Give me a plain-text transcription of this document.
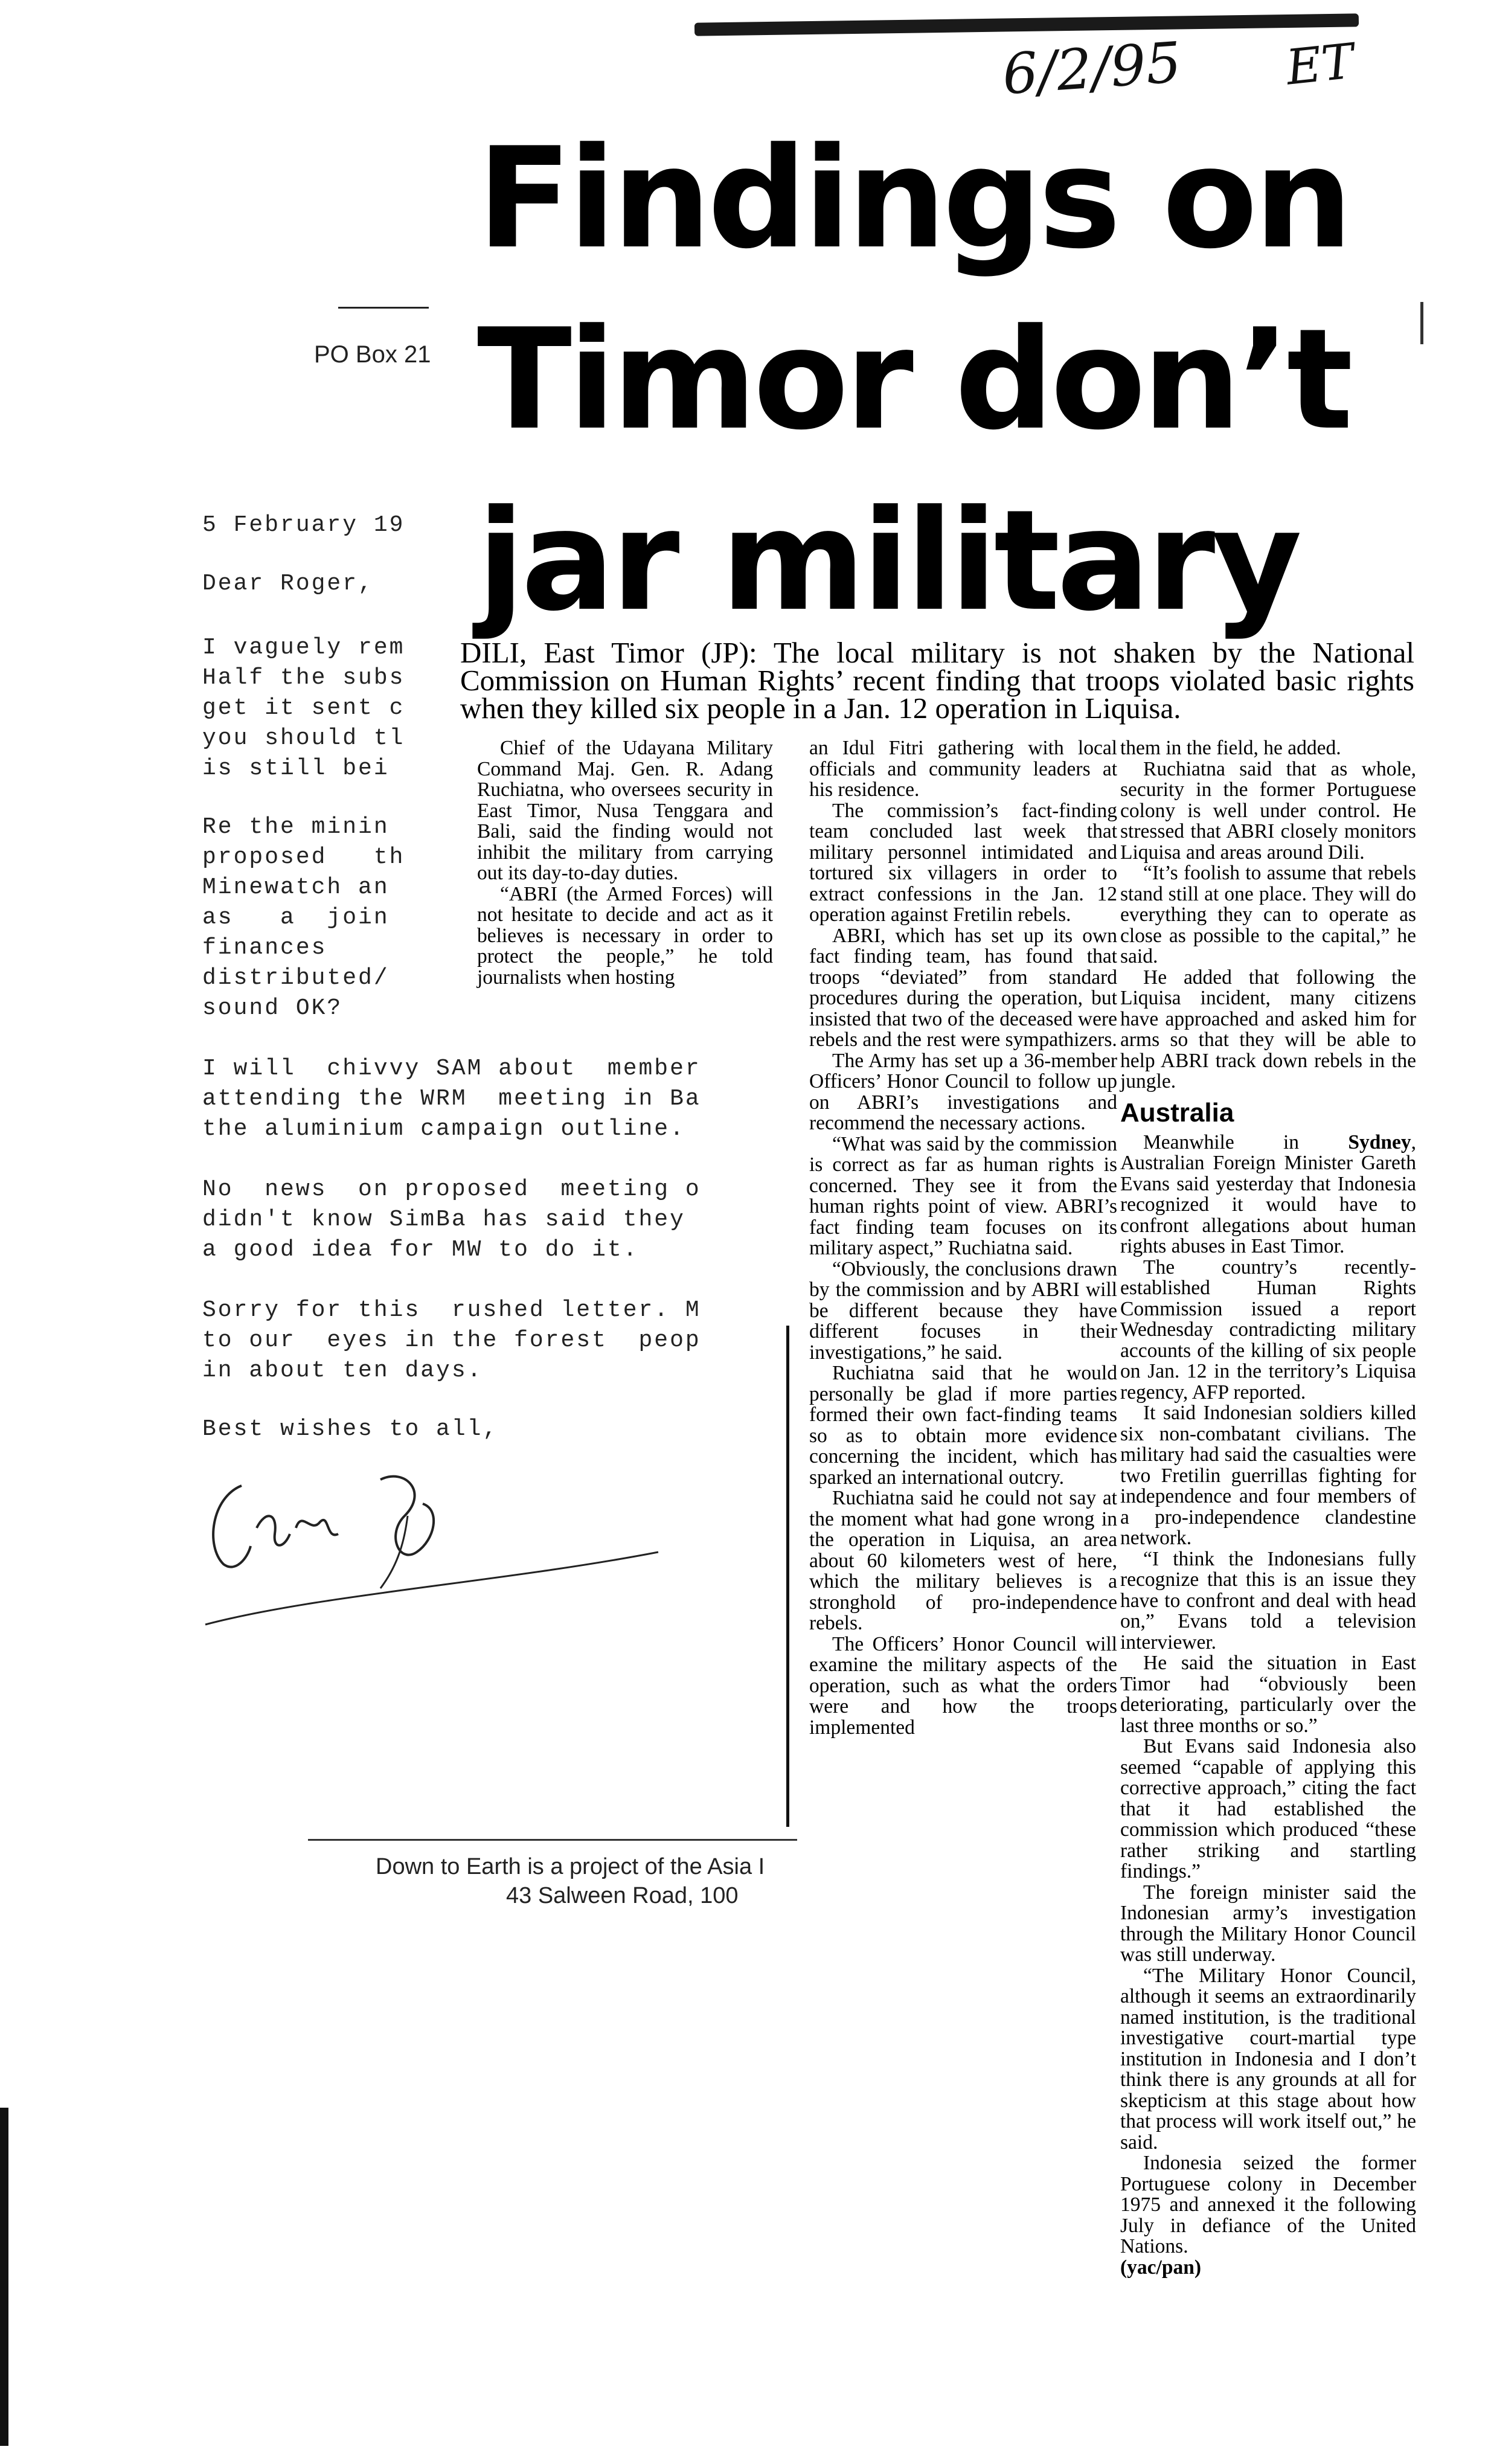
6/2/95 ET
PO Box 21
5 February 19
Dear Roger,
I vaguely rem
Half the subs
get it sent c
you should tl
is still bei
Re the minin
proposed   th
Minewatch an
as   a  join
finances
distributed/
sound OK?
I will  chivvy SAM about  member
attending the WRM  meeting in Ba
the aluminium campaign outline.
No  news  on proposed  meeting o
didn't know SimBa has said they
a good idea for MW to do it.
Sorry for this  rushed letter. M
to our  eyes in the forest  peop
in about ten days.
Best wishes to all,
Down to Earth is a project of the Asia I
43 Salween Road, 100
Findings on
Timor don’t
jar military
DILI, East Timor (JP): The local military is not shaken by the National Commission on Human Rights’ recent finding that troops violated basic rights when they killed six people in a Jan. 12 operation in Liquisa.

Chief of the Udayana Military Command Maj. Gen. R. Adang Ruchiatna, who oversees security in East Timor, Nusa Tenggara and Bali, said the finding would not inhibit the military from carrying out its day-to-day duties.

“ABRI (the Armed Forces) will not hesitate to decide and act as it believes is necessary in order to protect the people,” he told journalists when hosting

an Idul Fitri gathering with local officials and community leaders at his residence.

The commission’s fact-finding team concluded last week that military personnel intimidated and tortured six villagers in order to extract confessions in the Jan. 12 operation against Fretilin rebels.

ABRI, which has set up its own fact finding team, has found that troops “deviated” from standard procedures during the operation, but insisted that two of the deceased were rebels and the rest were sympathizers.

The Army has set up a 36-member Officers’ Honor Council to follow up on ABRI’s investigations and recommend the necessary actions.

“What was said by the commission is correct as far as human rights is concerned. They see it from the human rights point of view. ABRI’s fact finding team focuses on its military aspect,” Ruchiatna said.

“Obviously, the conclusions drawn by the commission and by ABRI will be different because they have different focuses in their investigations,” he said.

Ruchiatna said that he would personally be glad if more parties formed their own fact-finding teams so as to obtain more evidence concerning the incident, which has sparked an international outcry.

Ruchiatna said he could not say at the moment what had gone wrong in the operation in Liquisa, an area about 60 kilometers west of here, which the military believes is a stronghold of pro-independence rebels.

The Officers’ Honor Council will examine the military aspects of the operation, such as what the orders were and how the troops implemented

them in the field, he added.

Ruchiatna said that as whole, security in the former Portuguese colony is well under control. He stressed that ABRI closely monitors Liquisa and areas around Dili.

“It’s foolish to assume that rebels stand still at one place. They will do everything they can to operate as close as possible to the capital,” he said.

He added that following the Liquisa incident, many citizens have approached and asked him for arms so that they will be able to help ABRI track down rebels in the jungle.

Australia

Meanwhile in Sydney, Australian Foreign Minister Gareth Evans said yesterday that Indonesia recognized it would have to confront allegations about human rights abuses in East Timor.

The country’s recently-established Human Rights Commission issued a report Wednesday contradicting military accounts of the killing of six people on Jan. 12 in the territory’s Liquisa regency, AFP reported.

It said Indonesian soldiers killed six non-combatant civilians. The military had said the casualties were two Fretilin guerrillas fighting for independence and four members of a pro-independence clandestine network.

“I think the Indonesians fully recognize that this is an issue they have to confront and deal with head on,” Evans told a television interviewer.

He said the situation in East Timor had “obviously been deteriorating, particularly over the last three months or so.”

But Evans said Indonesia also seemed “capable of applying this corrective approach,” citing the fact that it had established the commission which produced “these rather striking and startling findings.”

The foreign minister said the Indonesian army’s investigation through the Military Honor Council was still underway.

“The Military Honor Council, although it seems an extraordinarily named institution, is the traditional investigative court-martial type institution in Indonesia and I don’t think there is any grounds at all for skepticism at this stage about how that process will work itself out,” he said.

Indonesia seized the former Portuguese colony in December 1975 and annexed it the following July in defiance of the United Nations.

(yac/pan)
